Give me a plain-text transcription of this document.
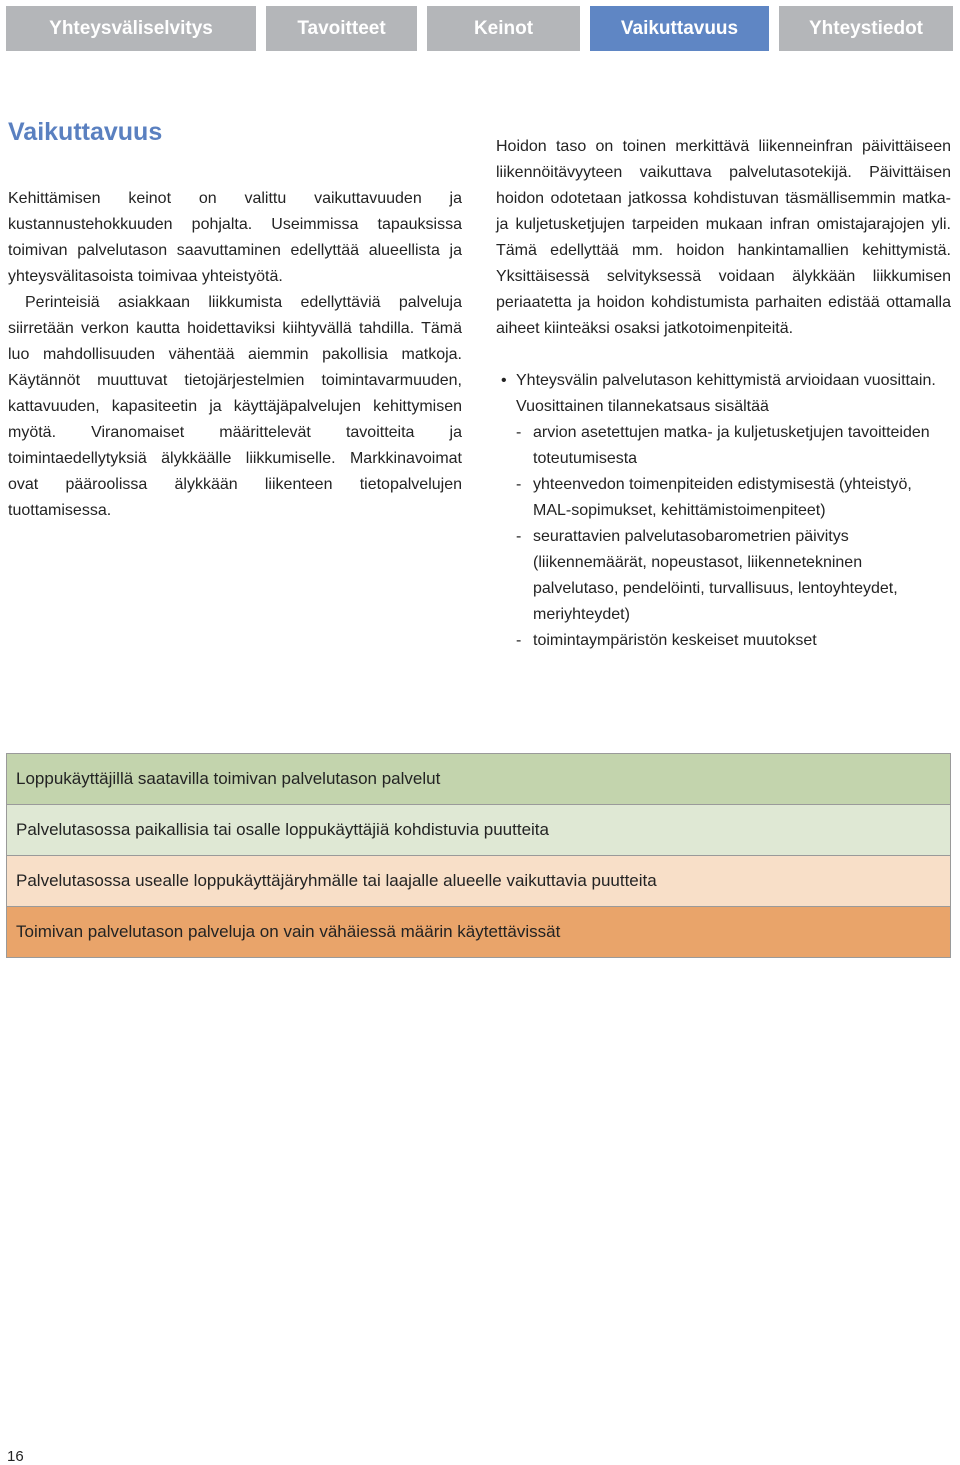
Yhteysväliselvitys	Tavoitteet	Keinot	Vaikuttavuus	Yhteystiedot
Vaikuttavuus

Kehittämisen keinot on valittu vaikuttavuuden ja kustannustehokkuuden pohjalta. Useimmissa tapauksissa toimivan palvelutason saavuttaminen edellyttää alueellista ja yhteysvälitasoista toimivaa yhteistyötä.

Perinteisiä asiakkaan liikkumista edellyttäviä palveluja siirretään verkon kautta hoidettaviksi kiihtyvällä tahdilla. Tämä luo mahdollisuuden vähentää aiemmin pakollisia matkoja. Käytännöt muuttuvat tietojärjestelmien toimintavarmuuden, kattavuuden, kapasiteetin ja käyttäjäpalvelujen kehittymisen myötä. Viranomaiset määrittelevät tavoitteita ja toimintaedellytyksiä älykkäälle liikkumiselle. Markkinavoimat ovat pääroolissa älykkään liikenteen tietopalvelujen tuottamisessa.

Hoidon taso on toinen merkittävä liikenneinfran päivittäiseen liikennöitävyyteen vaikuttava palvelutasotekijä. Päivittäisen hoidon odotetaan jatkossa kohdistuvan täsmällisemmin matka- ja kuljetusketjujen tarpeiden mukaan infran omistajarajojen yli. Tämä edellyttää mm. hoidon hankintamallien kehittymistä. Yksittäisessä selvityksessä voidaan älykkään liikkumisen periaatetta ja hoidon kohdistumista parhaiten edistää ottamalla aiheet kiinteäksi osaksi jatkotoimenpiteitä.

• Yhteysvälin palvelutason kehittymistä arvioidaan vuosittain. Vuosittainen tilannekatsaus sisältää
- arvion asetettujen matka- ja kuljetusketjujen tavoitteiden toteutumisesta
- yhteenvedon toimenpiteiden edistymisestä (yhteistyö, MAL-sopimukset, kehittämistoimenpiteet)
- seurattavien palvelutasobarometrien päivitys (liikennemäärät, nopeustasot, liikennetekninen palvelutaso, pendelöinti, turvallisuus, lentoyhteydet, meriyhteydet)
- toimintaympäristön keskeiset muutokset
Loppukäyttäjillä saatavilla toimivan palvelutason palvelut
Palvelutasossa paikallisia tai osalle loppukäyttäjiä kohdistuvia puutteita
Palvelutasossa usealle loppukäyttäjäryhmälle tai laajalle alueelle vaikuttavia puutteita
Toimivan palvelutason palveluja on vain vähäiessä määrin käytettävissät
16
